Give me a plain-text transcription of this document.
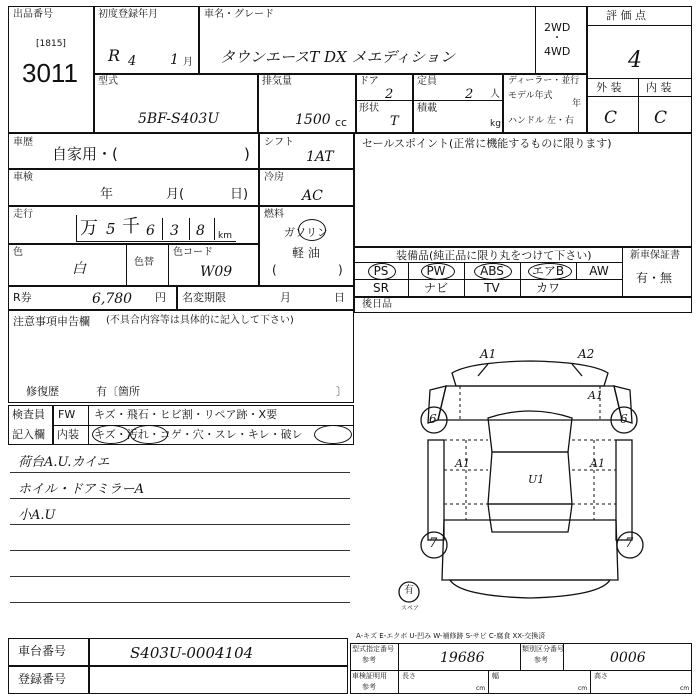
出品番号
[1815]
3011
初度登録年月
R 4 1 月
車名・グレード
タウンエースT DX メエディション
2WD
・
4WD
評 価 点
4
型式
5BF-S403U
排気量
1500 cc
ドア
2
定員
2 人
形状
T
積載
kg
ディーラー・並行
モデル年式
年
ハンドル 左・右
外 装 内 装
C C
車歴
自家用・(	)
シフト
1AT
車検
年	月(	日)
冷房
AC
走行
万 5 千 6 3 8 km
燃料
ガソリン
軽 油
(	)
色
白	色替
色コード
W09
R券	6,780 円 名変期限	月	日
セールスポイント(正常に機能するものに限ります)
装備品(純正品に限り丸をつけて下さい)	新車保証書
有・無
PS	PW	ABS	エアB	AW
SR	ナビ	TV	カワ
後日品
注意事項申告欄 (不具合内容等は具体的に記入して下さい)
修復歴	有〔箇所	〕
検査員
記入欄
FW キズ・飛石・ヒビ割・リペア跡・X要
内装 キズ・汚れ・コゲ・穴・スレ・キレ・破レ
荷台A.U.カイエ
ホイル・ドアミラーA
小A.U
A1	A2
A1
6	6
A1	A1
U1
7	7
有
スペア
A-キズ E-エクボ U-凹み W-補修跡 S-サビ C-腐食 XX-交換済
車台番号	S403U-0004104
登録番号
型式指定番号
参考	19686
類別区分番号
参考	0006
車検証明用
参考
長さ
cm
幅
cm
高さ
cm
